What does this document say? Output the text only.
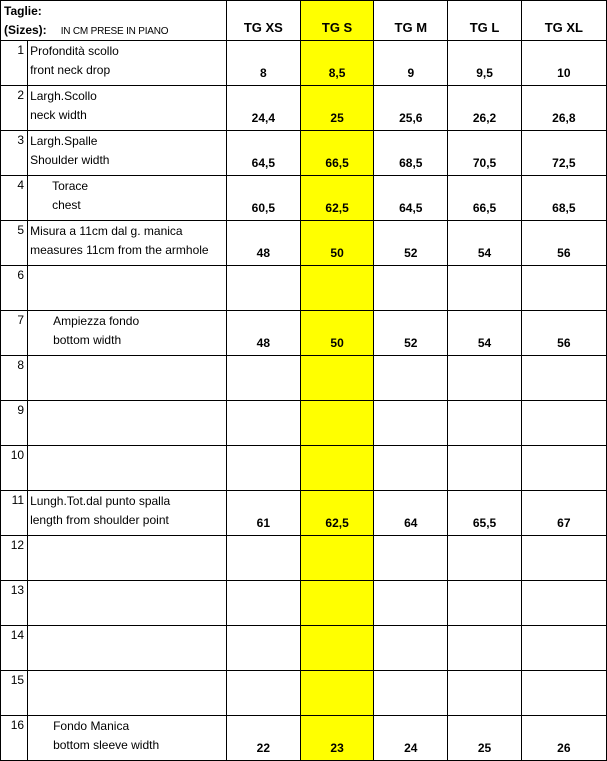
Taglie:		TG XS	TG S	TG M	TG L	TG XL
(Sizes): IN CM PRESE IN PIANO						
1	Profondità scollo
front neck drop	8	8,5	9	9,5	10
2	Largh.Scollo
neck width	24,4	25	25,6	26,2	26,8
3	Largh.Spalle
Shoulder width	64,5	66,5	68,5	70,5	72,5
4	Torace
chest	60,5	62,5	64,5	66,5	68,5
5	Misura a 11cm dal g. manica
measures 11cm from the armhole	48	50	52	54	56
6	

7	Ampiezza fondo
bottom width	48	50	52	54	56
8	

9	

10	

11	Lungh.Tot.dal punto spalla
length from shoulder point	61	62,5	64	65,5	67
12	

13	

14	

15	

16	Fondo Manica
bottom sleeve width	22	23	24	25	26
